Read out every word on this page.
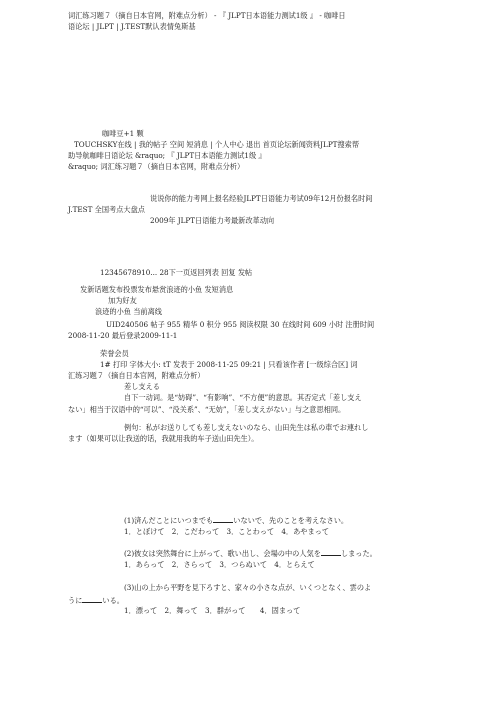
词汇练习题７（摘自日本官网，附难点分析） - 『 JLPT日本语能力测试1级 』 - 咖啡日
语论坛 | JLPT | J.TEST默认表情兔斯基
咖啡豆+1 颗
TOUCHSKY在线 | 我的帖子 空间 短消息 | 个人中心 退出 首页论坛新闻资料JLPT搜索帮
助导航咖啡日语论坛 &raquo; 『 JLPT日本语能力测试1级 』
&raquo; 词汇练习题７（摘自日本官网，附难点分析）
说说你的能力考网上报名经验JLPT日语能力考试09年12月份报名时间
J.TEST 全国考点大盘点
2009年 JLPT日语能力考最新改革动向
12345678910... 28下一页返回列表 回复 发帖
发新话题发布投票发布悬赏浪迹的小鱼 发短消息
加为好友
浪迹的小鱼 当前离线
UID240506 帖子 955 精华 0 积分 955 阅读权限 30 在线时间 609 小时 注册时间
2008-11-20 最后登录2009-11-1
荣誉会员
1# 打印 字体大小: tT 发表于 2008-11-25 09:21 | 只看该作者 [一级综合区] 词
汇练习题７（摘自日本官网，附难点分析）
差し支える
自下一动词。是“妨碍”、“有影响”、“不方便”的意思。其否定式「差し支え
ない」相当于汉语中的“可以”、“没关系”、“无妨”，「差し支えがない」与之意思相同。
例句：私がお送りしても差し支えないのなら、山田先生は私の車でお連れし
ます（如果可以让我送的话，我就用我的车子送山田先生）。
(1)済んだことにいつまでも	いないで、先のことを考えなさい。
1．とぼけて　2．こだわって　3．ことわって　4．あやまって
(2)彼女は突然舞台に上がって、歌い出し、会場の中の人気を	しまった。
1．あらって　2．さらって　3．つらぬいて　4．とらえて
(3)山の上から平野を見下ろすと、家々の小さな点が、いくつとなく、雲のよ
うに	いる。
1．漂って　2．舞って　3．群がって　　4．固まって
